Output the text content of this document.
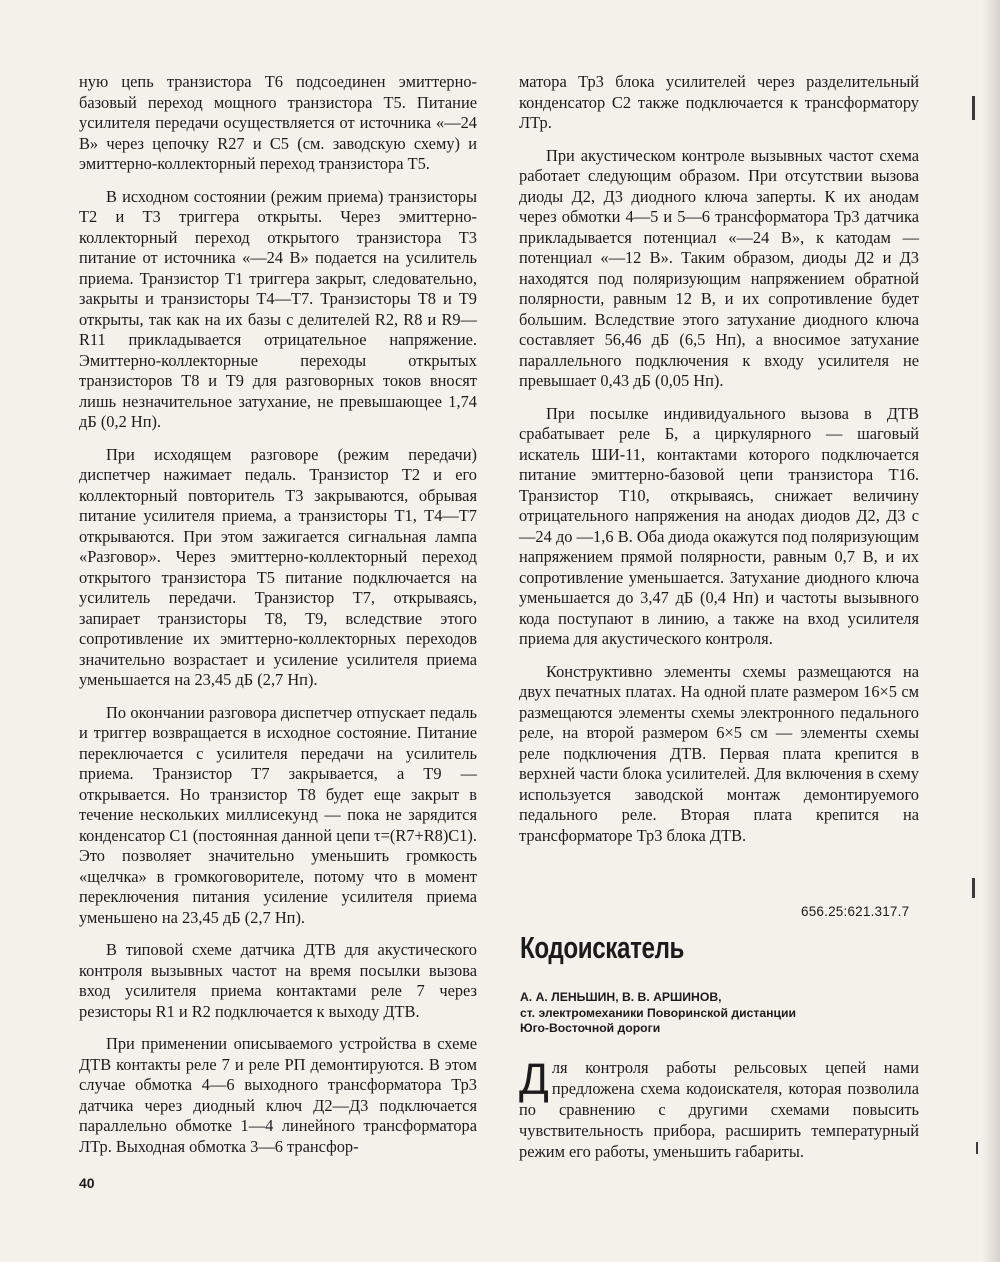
ную цепь транзистора Т6 подсоединен эмиттерно-базовый переход мощного транзистора Т5. Питание усилителя передачи осуществляется от источника «—24 В» через цепочку R27 и С5 (см. заводскую схему) и эмиттерно-коллекторный переход транзистора Т5.

В исходном состоянии (режим приема) транзисторы Т2 и Т3 триггера открыты. Через эмиттерно-коллекторный переход открытого транзистора Т3 питание от источника «—24 В» подается на усилитель приема. Транзистор Т1 триггера закрыт, следовательно, закрыты и транзисторы Т4—Т7. Транзисторы Т8 и Т9 открыты, так как на их базы с делителей R2, R8 и R9—R11 прикладывается отрицательное напряжение. Эмиттерно-коллекторные переходы открытых транзисторов Т8 и Т9 для разговорных токов вносят лишь незначительное затухание, не превышающее 1,74 дБ (0,2 Нп).

При исходящем разговоре (режим передачи) диспетчер нажимает педаль. Транзистор Т2 и его коллекторный повторитель Т3 закрываются, обрывая питание усилителя приема, а транзисторы Т1, Т4—Т7 открываются. При этом зажигается сигнальная лампа «Разговор». Через эмиттерно-коллекторный переход открытого транзистора Т5 питание подключается на усилитель передачи. Транзистор Т7, открываясь, запирает транзисторы Т8, Т9, вследствие этого сопротивление их эмиттерно-коллекторных переходов значительно возрастает и усиление усилителя приема уменьшается на 23,45 дБ (2,7 Нп).

По окончании разговора диспетчер отпускает педаль и триггер возвращается в исходное состояние. Питание переключается с усилителя передачи на усилитель приема. Транзистор Т7 закрывается, а Т9 — открывается. Но транзистор Т8 будет еще закрыт в течение нескольких миллисекунд — пока не зарядится конденсатор С1 (постоянная данной цепи τ=(R7+R8)C1). Это позволяет значительно уменьшить громкость «щелчка» в громкоговорителе, потому что в момент переключения питания усиление усилителя приема уменьшено на 23,45 дБ (2,7 Нп).

В типовой схеме датчика ДТВ для акустического контроля вызывных частот на время посылки вызова вход усилителя приема контактами реле 7 через резисторы R1 и R2 подключается к выходу ДТВ.

При применении описываемого устройства в схеме ДТВ контакты реле 7 и реле РП демонтируются. В этом случае обмотка 4—6 выходного трансформатора Тр3 датчика через диодный ключ Д2—Д3 подключается параллельно обмотке 1—4 линейного трансформатора ЛТр. Выходная обмотка 3—6 трансфор-

матора Тр3 блока усилителей через разделительный конденсатор С2 также подключается к трансформатору ЛТр.

При акустическом контроле вызывных частот схема работает следующим образом. При отсутствии вызова диоды Д2, Д3 диодного ключа заперты. К их анодам через обмотки 4—5 и 5—6 трансформатора Тр3 датчика прикладывается потенциал «—24 В», к катодам — потенциал «—12 В». Таким образом, диоды Д2 и Д3 находятся под поляризующим напряжением обратной полярности, равным 12 В, и их сопротивление будет большим. Вследствие этого затухание диодного ключа составляет 56,46 дБ (6,5 Нп), а вносимое затухание параллельного подключения к входу усилителя не превышает 0,43 дБ (0,05 Нп).

При посылке индивидуального вызова в ДТВ срабатывает реле Б, а циркулярного — шаговый искатель ШИ-11, контактами которого подключается питание эмиттерно-базовой цепи транзистора Т16. Транзистор Т10, открываясь, снижает величину отрицательного напряжения на анодах диодов Д2, Д3 с —24 до —1,6 В. Оба диода окажутся под поляризующим напряжением прямой полярности, равным 0,7 В, и их сопротивление уменьшается. Затухание диодного ключа уменьшается до 3,47 дБ (0,4 Нп) и частоты вызывного кода поступают в линию, а также на вход усилителя приема для акустического контроля.

Конструктивно элементы схемы размещаются на двух печатных платах. На одной плате размером 16×5 см размещаются элементы схемы электронного педального реле, на второй размером 6×5 см — элементы схемы реле подключения ДТВ. Первая плата крепится в верхней части блока усилителей. Для включения в схему используется заводской монтаж демонтируемого педального реле. Вторая плата крепится на трансформаторе Тр3 блока ДТВ.

656.25:621.317.7
Кодоискатель
А. А. ЛЕНЬШИН, В. В. АРШИНОВ,
ст. электромеханики Поворинской дистанции
Юго-Восточной дороги
Для контроля работы рельсовых цепей нами предложена схема кодоискателя, которая позволила по сравнению с другими схемами повысить чувствительность прибора, расширить температурный режим его работы, уменьшить габариты.
40
